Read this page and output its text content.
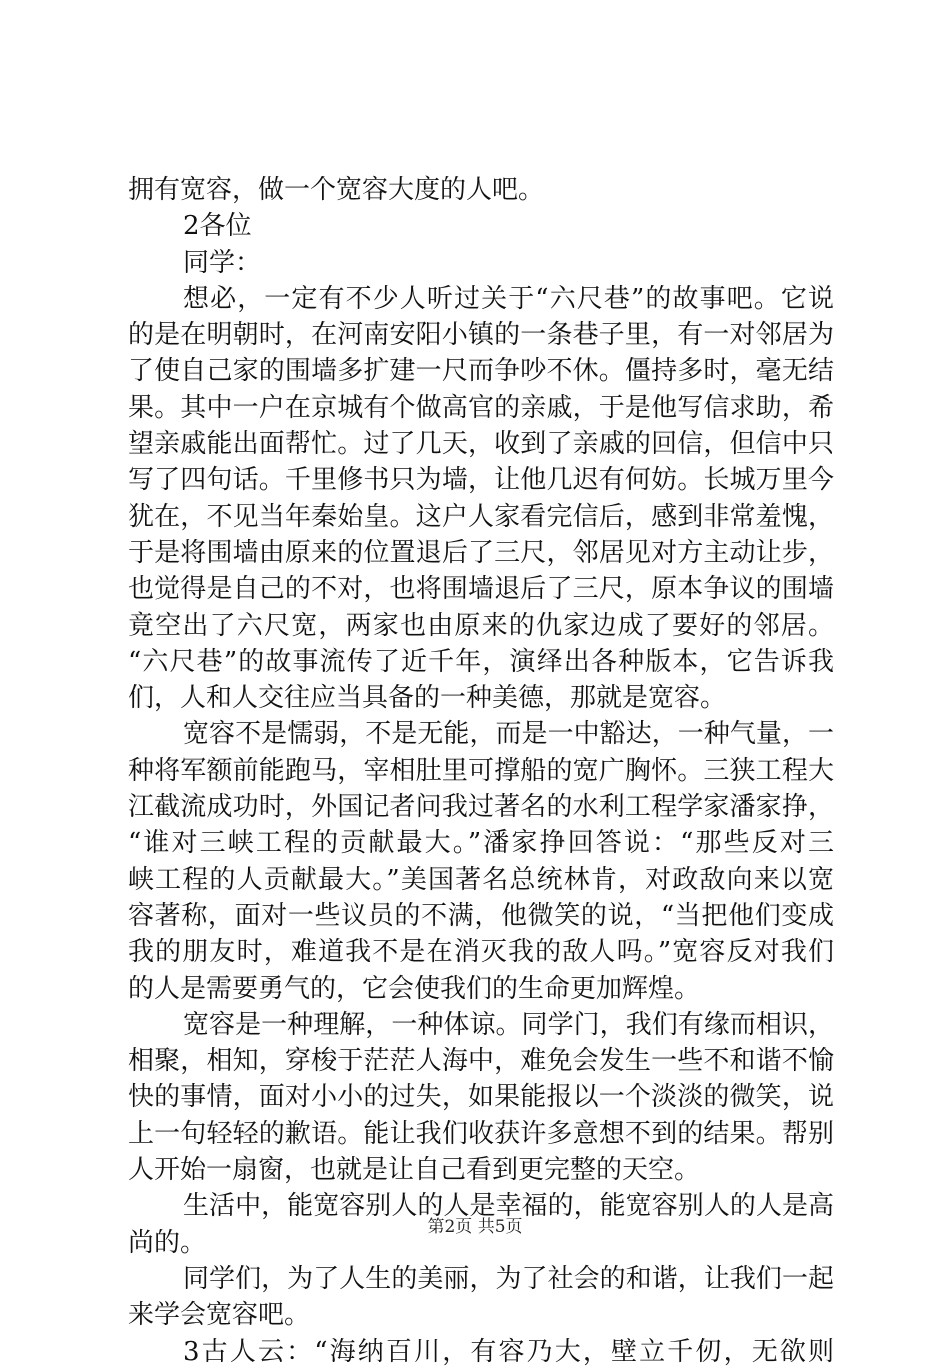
拥有宽容，做一个宽容大度的人吧。
2各位
同学：
想必，一定有不少人听过关于“六尺巷”的故事吧。它说
的是在明朝时，在河南安阳小镇的一条巷子里，有一对邻居为
了使自己家的围墙多扩建一尺而争吵不休。僵持多时，毫无结
果。其中一户在京城有个做高官的亲戚，于是他写信求助，希
望亲戚能出面帮忙。过了几天，收到了亲戚的回信，但信中只
写了四句话。千里修书只为墙，让他几迟有何妨。长城万里今
犹在，不见当年秦始皇。这户人家看完信后，感到非常羞愧，
于是将围墙由原来的位置退后了三尺，邻居见对方主动让步，
也觉得是自己的不对，也将围墙退后了三尺，原本争议的围墙
竟空出了六尺宽，两家也由原来的仇家边成了要好的邻居。
“六尺巷”的故事流传了近千年，演绎出各种版本，它告诉我
们，人和人交往应当具备的一种美德，那就是宽容。
宽容不是懦弱，不是无能，而是一中豁达，一种气量，一
种将军额前能跑马，宰相肚里可撑船的宽广胸怀。三狭工程大
江截流成功时，外国记者问我过著名的水利工程学家潘家挣，
“谁对三峡工程的贡献最大。”潘家挣回答说：“那些反对三
峡工程的人贡献最大。”美国著名总统林肯，对政敌向来以宽
容著称，面对一些议员的不满，他微笑的说，“当把他们变成
我的朋友时，难道我不是在消灭我的敌人吗。”宽容反对我们
的人是需要勇气的，它会使我们的生命更加辉煌。
宽容是一种理解，一种体谅。同学门，我们有缘而相识，
相聚，相知，穿梭于茫茫人海中，难免会发生一些不和谐不愉
快的事情，面对小小的过失，如果能报以一个淡淡的微笑，说
上一句轻轻的歉语。能让我们收获许多意想不到的结果。帮别
人开始一扇窗，也就是让自己看到更完整的天空。
生活中，能宽容别人的人是幸福的，能宽容别人的人是高
尚的。
同学们，为了人生的美丽，为了社会的和谐，让我们一起
来学会宽容吧。
3古人云：“海纳百川，有容乃大，壁立千仞，无欲则
第2页 共5页
